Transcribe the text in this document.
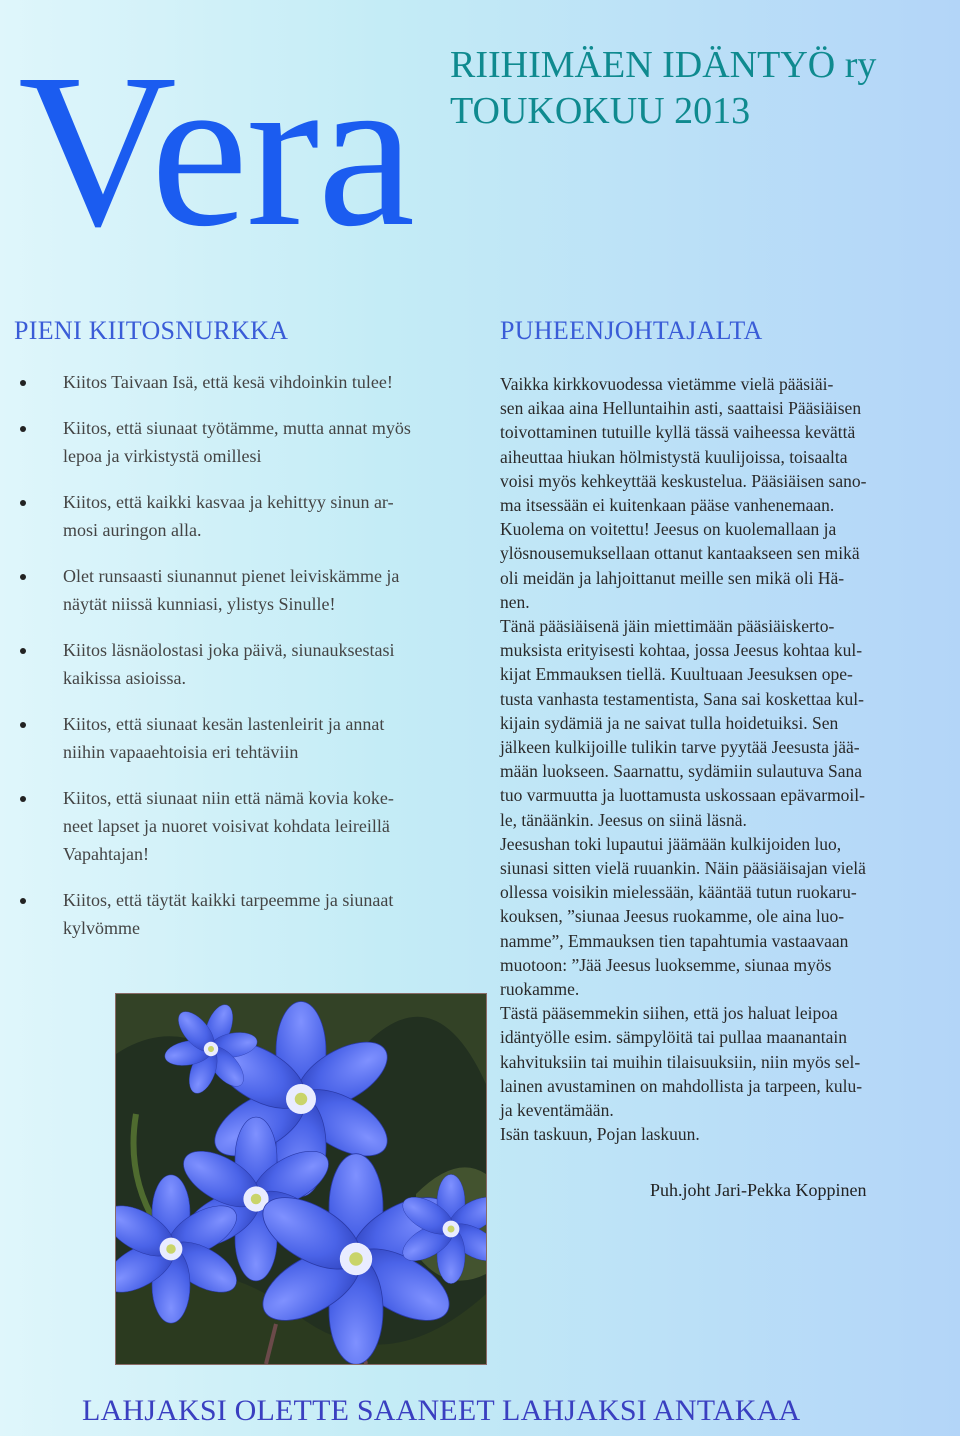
Vera RIIHIMÄEN IDÄNTYÖ ry
TOUKOKUU 2013
PIENI KIITOSNURKKA
Kiitos Taivaan Isä, että kesä vihdoinkin tulee!
Kiitos, että siunaat työtämme, mutta annat myös
lepoa ja virkistystä omillesi
Kiitos, että kaikki kasvaa ja kehittyy sinun ar-
mosi auringon alla.
Olet runsaasti siunannut pienet leiviskämme ja
näytät niissä kunniasi, ylistys Sinulle!
Kiitos läsnäolostasi joka päivä, siunauksestasi
kaikissa asioissa.
Kiitos, että siunaat kesän lastenleirit ja annat
niihin vapaaehtoisia eri tehtäviin
Kiitos, että siunaat niin että nämä kovia koke-
neet lapset ja nuoret voisivat kohdata leireillä
Vapahtajan!
Kiitos, että täytät kaikki tarpeemme ja siunaat
kylvömme
PUHEENJOHTAJALTA

Vaikka kirkkovuodessa vietämme vielä pääsiäi-
sen aikaa aina Helluntaihin asti, saattaisi Pääsiäisen
toivottaminen tutuille kyllä tässä vaiheessa kevättä
aiheuttaa hiukan hölmistystä kuulijoissa, toisaalta
voisi myös kehkeyttää keskustelua. Pääsiäisen sano-
ma itsessään ei kuitenkaan pääse vanhenemaan.
Kuolema on voitettu! Jeesus on kuolemallaan ja
ylösnousemuksellaan ottanut kantaakseen sen mikä
oli meidän ja lahjoittanut meille sen mikä oli Hä-
nen.

Tänä pääsiäisenä jäin miettimään pääsiäiskerto-
muksista erityisesti kohtaa, jossa Jeesus kohtaa kul-
kijat Emmauksen tiellä. Kuultuaan Jeesuksen ope-
tusta vanhasta testamentista, Sana sai koskettaa kul-
kijain sydämiä ja ne saivat tulla hoidetuiksi. Sen
jälkeen kulkijoille tulikin tarve pyytää Jeesusta jää-
mään luokseen. Saarnattu, sydämiin sulautuva Sana
tuo varmuutta ja luottamusta uskossaan epävarmoil-
le, tänäänkin. Jeesus on siinä läsnä.

Jeesushan toki lupautui jäämään kulkijoiden luo,
siunasi sitten vielä ruuankin. Näin pääsiäisajan vielä
ollessa voisikin mielessään, kääntää tutun ruokaru-
kouksen, ”siunaa Jeesus ruokamme, ole aina luo-
namme”, Emmauksen tien tapahtumia vastaavaan
muotoon: ”Jää Jeesus luoksemme, siunaa myös
ruokamme.

Tästä pääsemmekin siihen, että jos haluat leipoa
idäntyölle esim. sämpylöitä tai pullaa maanantain
kahvituksiin tai muihin tilaisuuksiin, niin myös sel-
lainen avustaminen on mahdollista ja tarpeen, kulu-
ja keventämään.
Isän taskuun, Pojan laskuun.

Puh.joht Jari-Pekka Koppinen
LAHJAKSI OLETTE SAANEET LAHJAKSI ANTAKAA
